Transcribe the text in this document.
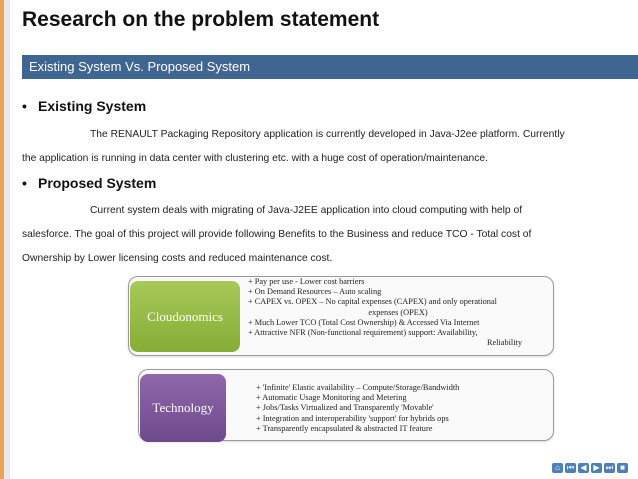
Research on the problem statement
Existing System Vs. Proposed System
• Existing System
The RENAULT Packaging Repository application is currently developed in Java-J2ee platform. Currently
the application is running in data center with clustering etc. with a huge cost of operation/maintenance.
• Proposed System
Current system deals with migrating of Java-J2EE application into cloud computing with help of
salesforce. The goal of this project will provide following Benefits to the Business and reduce TCO - Total cost of
Ownership by Lower licensing costs and reduced maintenance cost.
Cloudonomics
+ Pay per use - Lower cost barriers
+ On Demand Resources – Auto scaling
+ CAPEX vs. OPEX – No capital expenses (CAPEX) and only operational
expenses (OPEX)
+ Much Lower TCO (Total Cost Ownership) & Accessed Via Internet
+ Attractive NFR (Non-functional requirement) support: Availability,
Reliability
Technology
+ 'Infinite' Elastic availability – Compute/Storage/Bandwidth
+ Automatic Usage Monitoring and Metering
+ Jobs/Tasks Virtualized and Transparently 'Movable'
+ Integration and interoperability 'support' for hybrids ops
+ Transparently encapsulated & abstracted IT feature
⌂ ⏮ ◀ ▶ ⏭ ■
